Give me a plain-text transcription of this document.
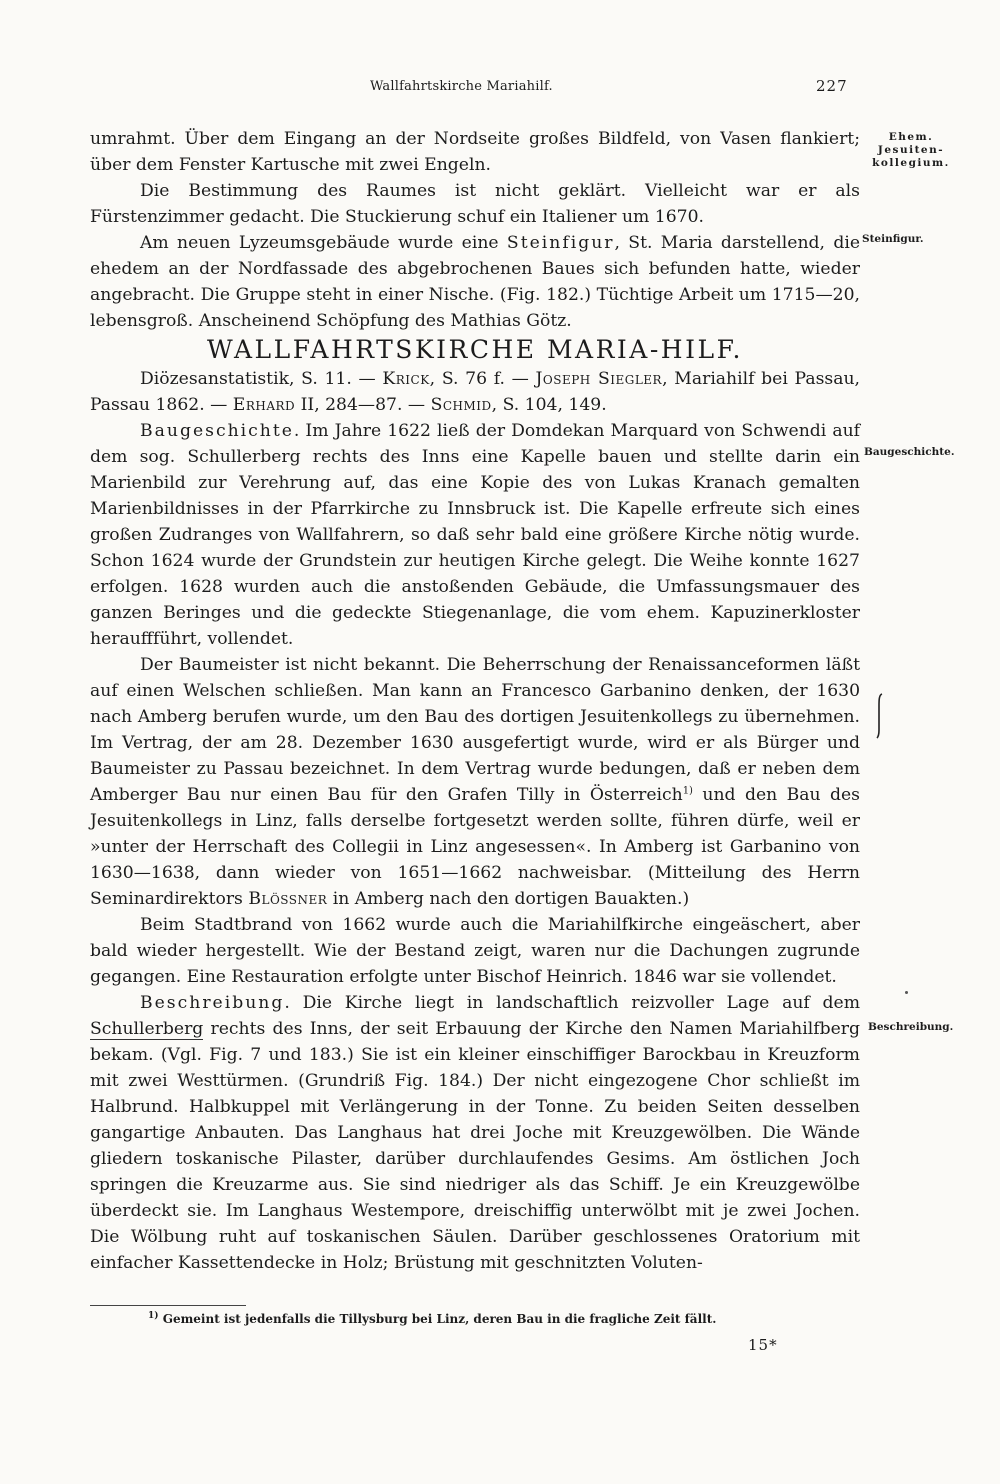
Wallfahrtskirche Mariahilf.	227
Ehem.
Jesuiten-
kollegium.
Steinfigur.
Baugeschichte.
Beschreibung.

umrahmt. Über dem Eingang an der Nordseite großes Bildfeld, von Vasen flankiert; über dem Fenster Kartusche mit zwei Engeln.

Die Bestimmung des Raumes ist nicht geklärt. Vielleicht war er als Fürstenzimmer gedacht. Die Stuckierung schuf ein Italiener um 1670.

Am neuen Lyzeumsgebäude wurde eine Steinfigur, St. Maria darstellend, die ehedem an der Nordfassade des abgebrochenen Baues sich befunden hatte, wieder angebracht. Die Gruppe steht in einer Nische. (Fig. 182.) Tüchtige Arbeit um 1715—20, lebensgroß. Anscheinend Schöpfung des Mathias Götz.

WALLFAHRTSKIRCHE MARIA-HILF.

Diözesanstatistik, S. 11. — Krick, S. 76 f. — Joseph Siegler, Mariahilf bei Passau, Passau 1862. — Erhard II, 284—87. — Schmid, S. 104, 149.

Baugeschichte. Im Jahre 1622 ließ der Domdekan Marquard von Schwendi auf dem sog. Schullerberg rechts des Inns eine Kapelle bauen und stellte darin ein Marienbild zur Verehrung auf, das eine Kopie des von Lukas Kranach gemalten Marienbildnisses in der Pfarrkirche zu Innsbruck ist. Die Kapelle erfreute sich eines großen Zudranges von Wallfahrern, so daß sehr bald eine größere Kirche nötig wurde. Schon 1624 wurde der Grundstein zur heutigen Kirche gelegt. Die Weihe konnte 1627 erfolgen. 1628 wurden auch die anstoßenden Gebäude, die Umfassungsmauer des ganzen Beringes und die gedeckte Stiegenanlage, die vom ehem. Kapuzinerkloster herauffführt, vollendet.

Der Baumeister ist nicht bekannt. Die Beherrschung der Renaissanceformen läßt auf einen Welschen schließen. Man kann an Francesco Garbanino denken, der 1630 nach Amberg berufen wurde, um den Bau des dortigen Jesuitenkollegs zu übernehmen. Im Vertrag, der am 28. Dezember 1630 ausgefertigt wurde, wird er als Bürger und Baumeister zu Passau bezeichnet. In dem Vertrag wurde bedungen, daß er neben dem Amberger Bau nur einen Bau für den Grafen Tilly in Österreich$^{1)}$ und den Bau des Jesuitenkollegs in Linz, falls derselbe fortgesetzt werden sollte, führen dürfe, weil er »unter der Herrschaft des Collegii in Linz angesessen«. In Amberg ist Garbanino von 1630—1638, dann wieder von 1651—1662 nachweisbar. (Mitteilung des Herrn Seminardirektors Blössner in Amberg nach den dortigen Bauakten.)

Beim Stadtbrand von 1662 wurde auch die Mariahilfkirche eingeäschert, aber bald wieder hergestellt. Wie der Bestand zeigt, waren nur die Dachungen zugrunde gegangen. Eine Restauration erfolgte unter Bischof Heinrich. 1846 war sie vollendet.

Beschreibung. Die Kirche liegt in landschaftlich reizvoller Lage auf dem Schullerberg rechts des Inns, der seit Erbauung der Kirche den Namen Mariahilfberg bekam. (Vgl. Fig. 7 und 183.) Sie ist ein kleiner einschiffiger Barockbau in Kreuzform mit zwei Westtürmen. (Grundriß Fig. 184.) Der nicht eingezogene Chor schließt im Halbrund. Halbkuppel mit Verlängerung in der Tonne. Zu beiden Seiten desselben gangartige Anbauten. Das Langhaus hat drei Joche mit Kreuzgewölben. Die Wände gliedern toskanische Pilaster, darüber durchlaufendes Gesims. Am östlichen Joch springen die Kreuzarme aus. Sie sind niedriger als das Schiff. Je ein Kreuzgewölbe überdeckt sie. Im Langhaus Westempore, dreischiffig unterwölbt mit je zwei Jochen. Die Wölbung ruht auf toskanischen Säulen. Darüber geschlossenes Oratorium mit einfacher Kassettendecke in Holz; Brüstung mit geschnitzten Voluten-

$^{1)}$ Gemeint ist jedenfalls die Tillysburg bei Linz, deren Bau in die fragliche Zeit fällt.
15*
